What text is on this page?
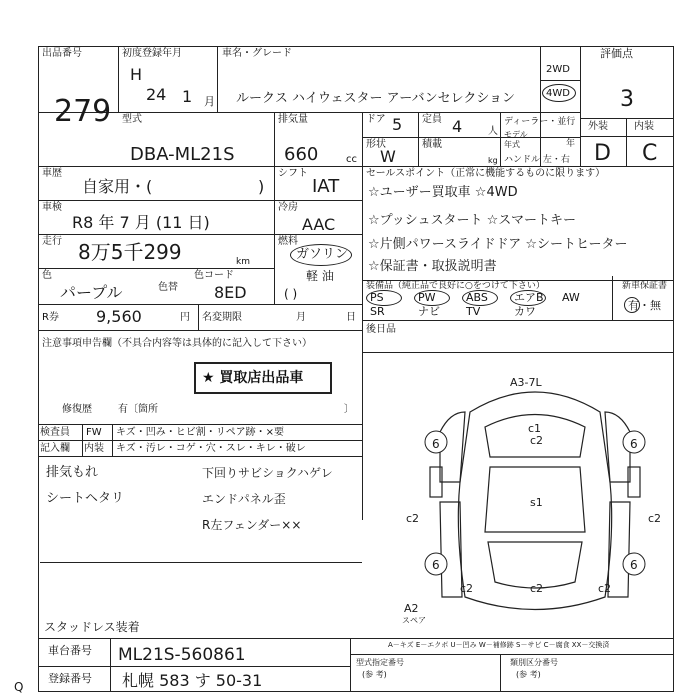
出品番号
279
初度登録年月
H
24 1 月
車名・グレード
ルークス ハイウェスター アーバンセレクション
2WD
4WD
評価点
3
外装	内装
D C
型式
DBA-ML21S
排気量
660	cc
ドア 5 定員 4	人
ディーラー・並行
モデル年式	年
形状
W
積載
kg ハンドル 左・右
車歴
自家用・(	)
シフト
IAT
車検
R8 年 7 月 (11 日)
冷房
AAC
走行 8万5千299	km
燃料
ガソリン
軽 油
( )
色
パープル	色替
色コード
8ED
R券 9,560	円 名変期限	月	日
注意事項申告欄（不具合内容等は具体的に記入して下さい）
★ 買取店出品車
修復歴	有〔箇所	〕
検査員
記入欄
FW キズ・凹み・ヒビ割・リペア跡・×要
内装 キズ・汚レ・コゲ・穴・スレ・キレ・破レ
排気もれ
シートヘタリ
下回りサビショクハゲレ
エンドパネル歪
R左フェンダー××
セールスポイント（正常に機能するものに限ります）
☆ユーザー買取車 ☆4WD
☆プッシュスタート ☆スマートキー
☆片側パワースライドドア ☆シートヒーター
☆保証書・取扱説明書
装備品（純正品で良好に○をつけて下さい）	新車保証書
有・無
PS	PW	ABS エアB AW
SR	ナビ TV	カワ
後日品
A3-7L
6	6
c1
c2
c2
6
c2
6
c2	c2
c2
s1
スペア
A2
スタッドレス装着
車台番号 ML21S-560861
登録番号 札幌 583 す 50-31
A－キズ E－エクボ U－凹み W－補修跡 S－サビ C－腐食 XX－交換済
型式指定番号
(参 考)
類別区分番号
(参 考)
Q
